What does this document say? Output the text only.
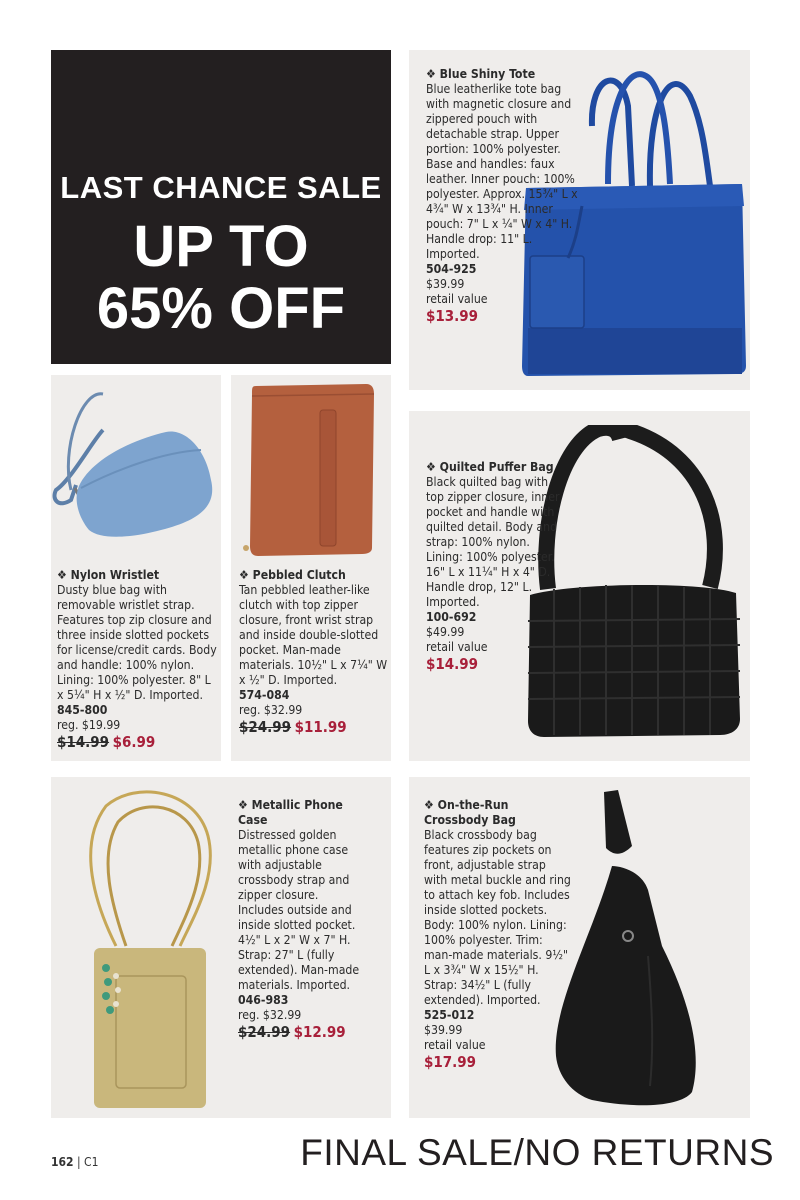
LAST CHANCE SALE
UP TO
65% OFF
❖ Blue Shiny Tote

Blue leatherlike tote bag with magnetic closure and zippered pouch with detachable strap. Upper portion: 100% polyester. Base and handles: faux leather. Inner pouch: 100% polyester. Approx. 15¾" L x 4¾" W x 13¾" H. Inner pouch: 7" L x ¼" W x 4" H. Handle drop: 11" L. Imported.

504-925

$39.99

retail value

$13.99

❖ Nylon Wristlet

Dusty blue bag with removable wristlet strap. Features top zip closure and three inside slotted pockets for license/credit cards. Body and handle: 100% nylon. Lining: 100% polyester. 8" L x 5¼" H x ½" D. Imported. 845-800

reg. $19.99

$14.99 $6.99

❖ Pebbled Clutch

Tan pebbled leather-like clutch with top zipper closure, front wrist strap and inside double-slotted pocket. Man-made materials. 10½" L x 7¼" W x ½" D. Imported.

574-084

reg. $32.99

$24.99 $11.99

❖ Quilted Puffer Bag

Black quilted bag with top zipper closure, inner pocket and handle with quilted detail. Body and strap: 100% nylon. Lining: 100% polyester. 16" L x 11¼" H x 4" D. Handle drop, 12" L. Imported.

100-692

$49.99

retail value

$14.99

❖ Metallic Phone Case

Distressed golden metallic phone case with adjustable crossbody strap and zipper closure. Includes outside and inside slotted pocket. 4½" L x 2" W x 7" H. Strap: 27" L (fully extended). Man-made materials. Imported.

046-983

reg. $32.99

$24.99 $12.99

❖ On-the-Run Crossbody Bag

Black crossbody bag features zip pockets on front, adjustable strap with metal buckle and ring to attach key fob. Includes inside slotted pockets. Body: 100% nylon. Lining: 100% polyester. Trim: man-made materials. 9½" L x 3¾" W x 15½" H. Strap: 34½" L (fully extended). Imported.

525-012

$39.99

retail value

$17.99

162 | C1	FINAL SALE/NO RETURNS
